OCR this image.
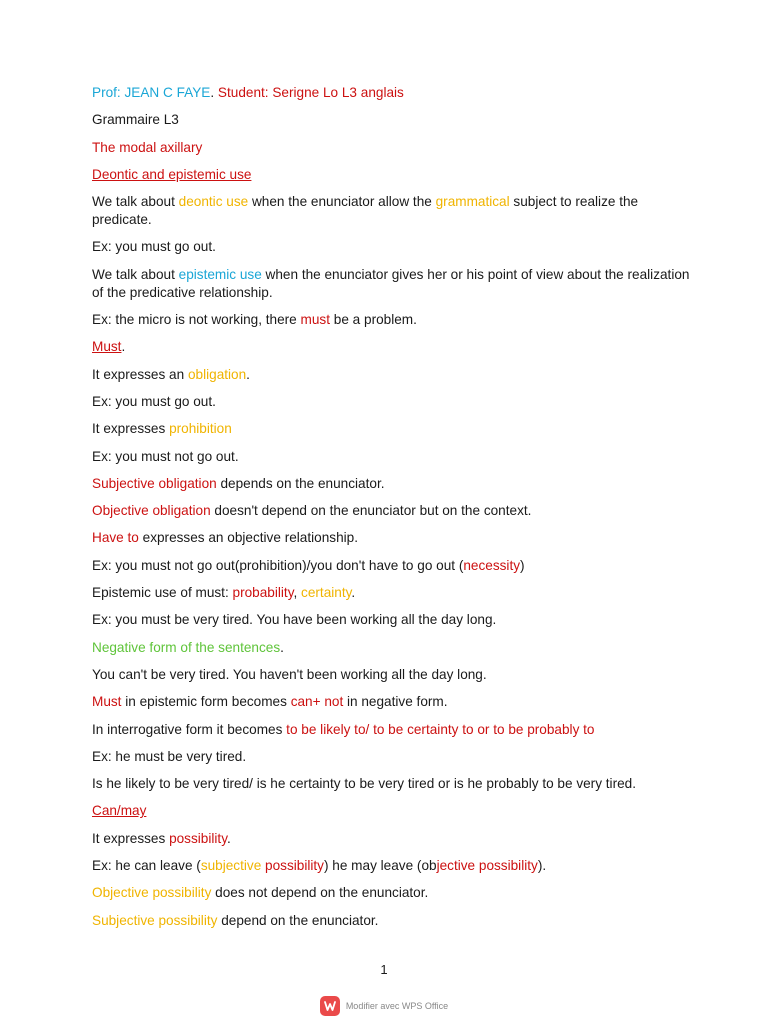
Prof: JEAN C FAYE. Student: Serigne Lo L3 anglais

Grammaire L3

The modal axillary

Deontic and epistemic use

We talk about deontic use when the enunciator allow the grammatical subject to realize the predicate.

Ex: you must go out.

We talk about epistemic use when the enunciator gives her or his point of view about the realization of the predicative relationship.

Ex: the micro is not working, there must be a problem.

Must.

It expresses an obligation.

Ex: you must go out.

It expresses prohibition

Ex: you must not go out.

Subjective obligation depends on the enunciator.

Objective obligation doesn't depend on the enunciator but on the context.

Have to expresses an objective relationship.

Ex: you must not go out(prohibition)/you don't have to go out (necessity)

Epistemic use of must: probability, certainty.

Ex: you must be very tired. You have been working all the day long.

Negative form of the sentences.

You can't be very tired. You haven't been working all the day long.

Must in epistemic form becomes can+ not in negative form.

In interrogative form it becomes to be likely to/ to be certainty to or to be probably to

Ex: he must be very tired.

Is he likely to be very tired/ is he certainty to be very tired or is he probably to be very tired.

Can/may

It expresses possibility.

Ex: he can leave (subjective possibility) he may leave (objective possibility).

Objective possibility does not depend on the enunciator.

Subjective possibility depend on the enunciator.

1
Modifier avec WPS Office
